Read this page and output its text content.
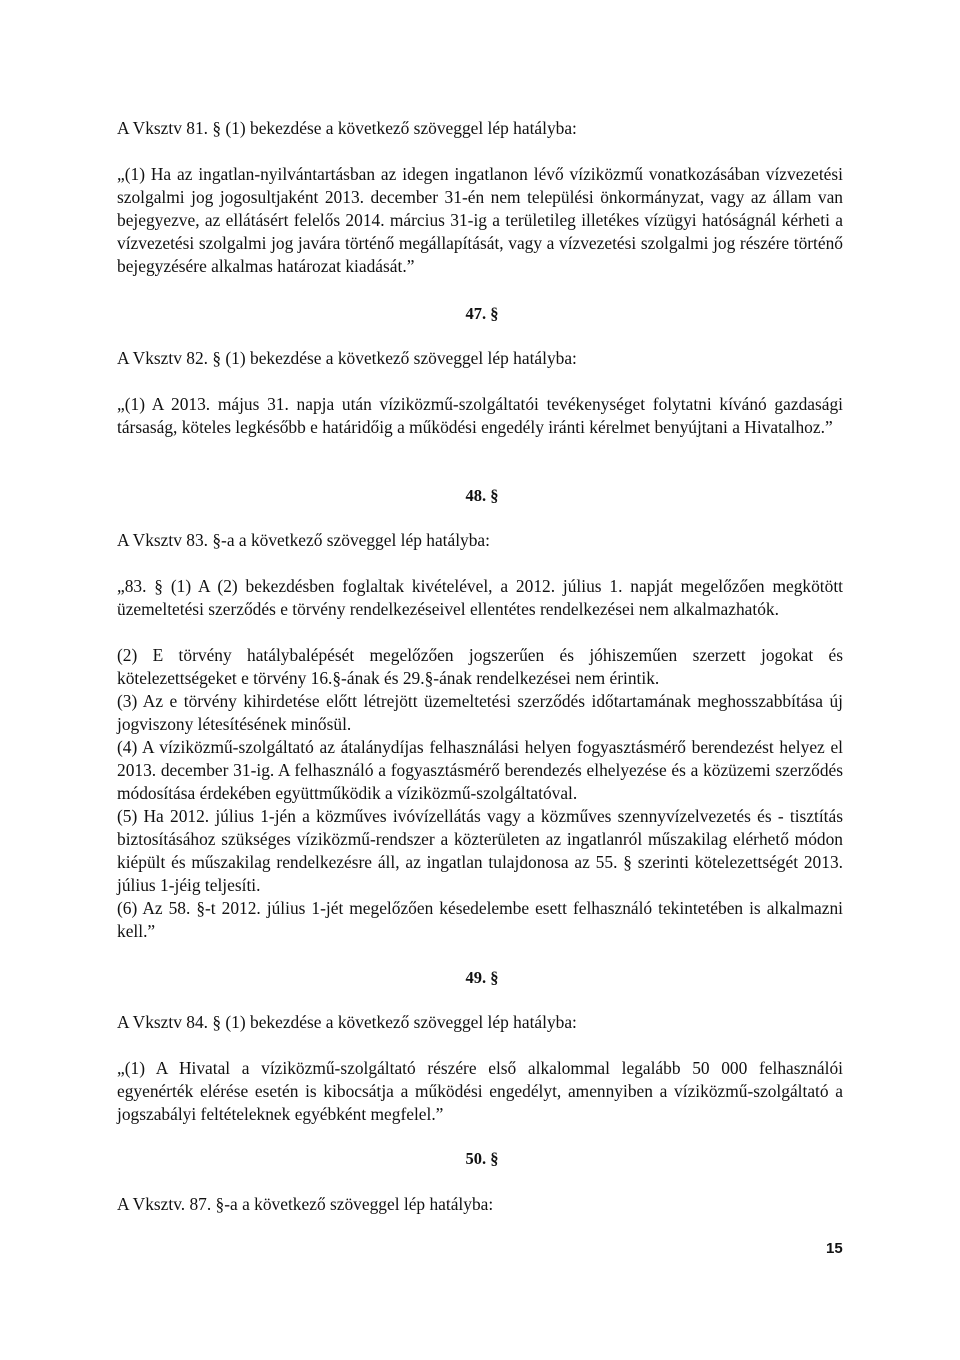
A Vksztv 81. § (1) bekezdése a következő szöveggel lép hatályba:

„(1) Ha az ingatlan-nyilvántartásban az idegen ingatlanon lévő víziközmű vonatkozásában vízvezetési szolgalmi jog jogosultjaként 2013. december 31-én nem települési önkormányzat, vagy az állam van bejegyezve, az ellátásért felelős 2014. március 31-ig a területileg illetékes vízügyi hatóságnál kérheti a vízvezetési szolgalmi jog javára történő megállapítását, vagy a vízvezetési szolgalmi jog részére történő bejegyzésére alkalmas határozat kiadását.”

47. §

A Vksztv 82. § (1) bekezdése a következő szöveggel lép hatályba:

„(1) A 2013. május 31. napja után víziközmű-szolgáltatói tevékenységet folytatni kívánó gazdasági társaság, köteles legkésőbb e határidőig a működési engedély iránti kérelmet benyújtani a Hivatalhoz.”

48. §

A Vksztv 83. §-a a következő szöveggel lép hatályba:

„83. § (1) A (2) bekezdésben foglaltak kivételével, a 2012. július 1. napját megelőzően megkötött üzemeltetési szerződés e törvény rendelkezéseivel ellentétes rendelkezései nem alkalmazhatók.

(2) E törvény hatálybalépését megelőzően jogszerűen és jóhiszeműen szerzett jogokat és kötelezettségeket e törvény 16.§-ának és 29.§-ának rendelkezései nem érintik.

(3) Az e törvény kihirdetése előtt létrejött üzemeltetési szerződés időtartamának meghosszabbítása új jogviszony létesítésének minősül.

(4) A víziközmű-szolgáltató az átalánydíjas felhasználási helyen fogyasztásmérő berendezést helyez el 2013. december 31-ig. A felhasználó a fogyasztásmérő berendezés elhelyezése és a közüzemi szerződés módosítása érdekében együttműködik a víziközmű-szolgáltatóval.

(5) Ha 2012. július 1-jén a közműves ivóvízellátás vagy a közműves szennyvízelvezetés és - tisztítás biztosításához szükséges víziközmű-rendszer a közterületen az ingatlanról műszakilag elérhető módon kiépült és műszakilag rendelkezésre áll, az ingatlan tulajdonosa az 55. § szerinti kötelezettségét 2013. július 1-jéig teljesíti.

(6) Az 58. §-t 2012. július 1-jét megelőzően késedelembe esett felhasználó tekintetében is alkalmazni kell.”

49. §

A Vksztv 84. § (1) bekezdése a következő szöveggel lép hatályba:

„(1) A Hivatal a víziközmű-szolgáltató részére első alkalommal legalább 50 000 felhasználói egyenérték elérése esetén is kibocsátja a működési engedélyt, amennyiben a víziközmű-szolgáltató a jogszabályi feltételeknek egyébként megfelel.”

50. §

A Vksztv. 87. §-a a következő szöveggel lép hatályba:

15
